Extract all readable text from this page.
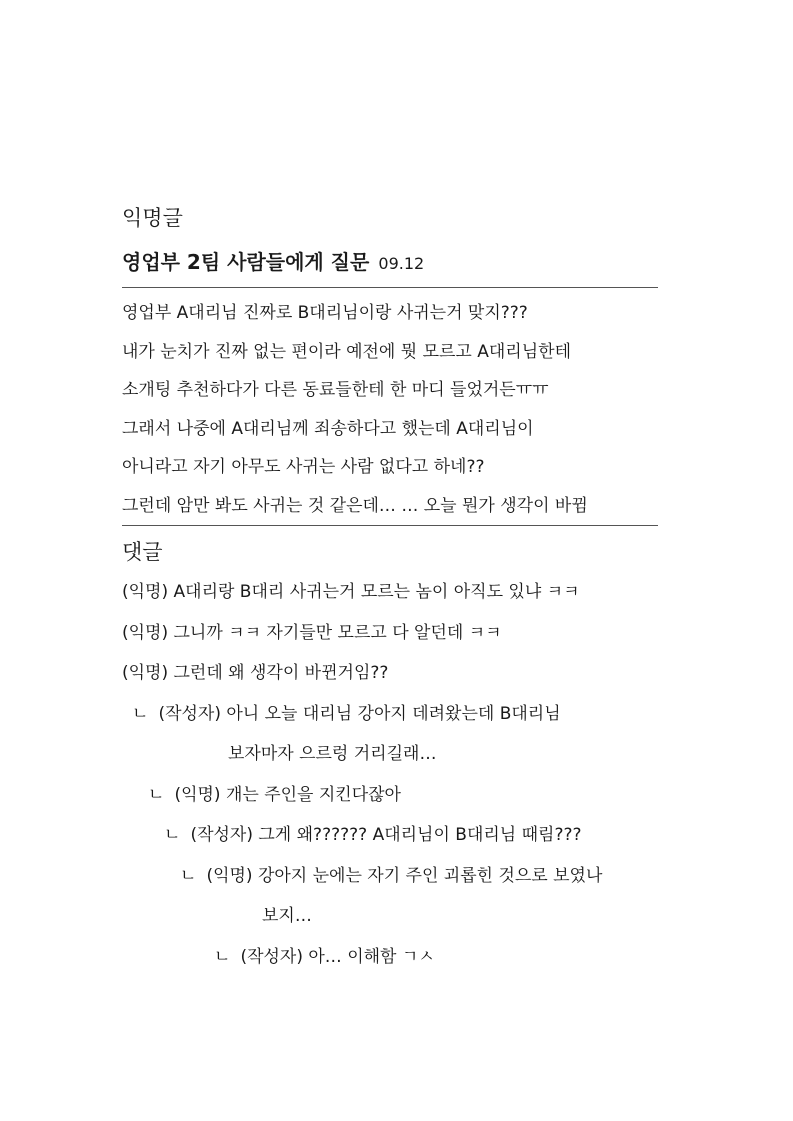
익명글
영업부 2팀 사람들에게 질문 09.12
영업부 A대리님 진짜로 B대리님이랑 사귀는거 맞지???
내가 눈치가 진짜 없는 편이라 예전에 뭣 모르고 A대리님한테
소개팅 추천하다가 다른 동료들한테 한 마디 들었거든ㅠㅠ
그래서 나중에 A대리님께 죄송하다고 했는데 A대리님이
아니라고 자기 아무도 사귀는 사람 없다고 하네??
그런데 암만 봐도 사귀는 것 같은데… … 오늘 뭔가 생각이 바뀜
댓글
(익명) A대리랑 B대리 사귀는거 모르는 놈이 아직도 있냐 ㅋㅋ
(익명) 그니까 ㅋㅋ 자기들만 모르고 다 알던데 ㅋㅋ
(익명) 그런데 왜 생각이 바뀐거임??
ㄴ (작성자) 아니 오늘 대리님 강아지 데려왔는데 B대리님
보자마자 으르렁 거리길래…
ㄴ (익명) 개는 주인을 지킨다잖아
ㄴ (작성자) 그게 왜?????? A대리님이 B대리님 때림???
ㄴ (익명) 강아지 눈에는 자기 주인 괴롭힌 것으로 보였나
보지…
ㄴ (작성자) 아… 이해함 ㄱㅅ
